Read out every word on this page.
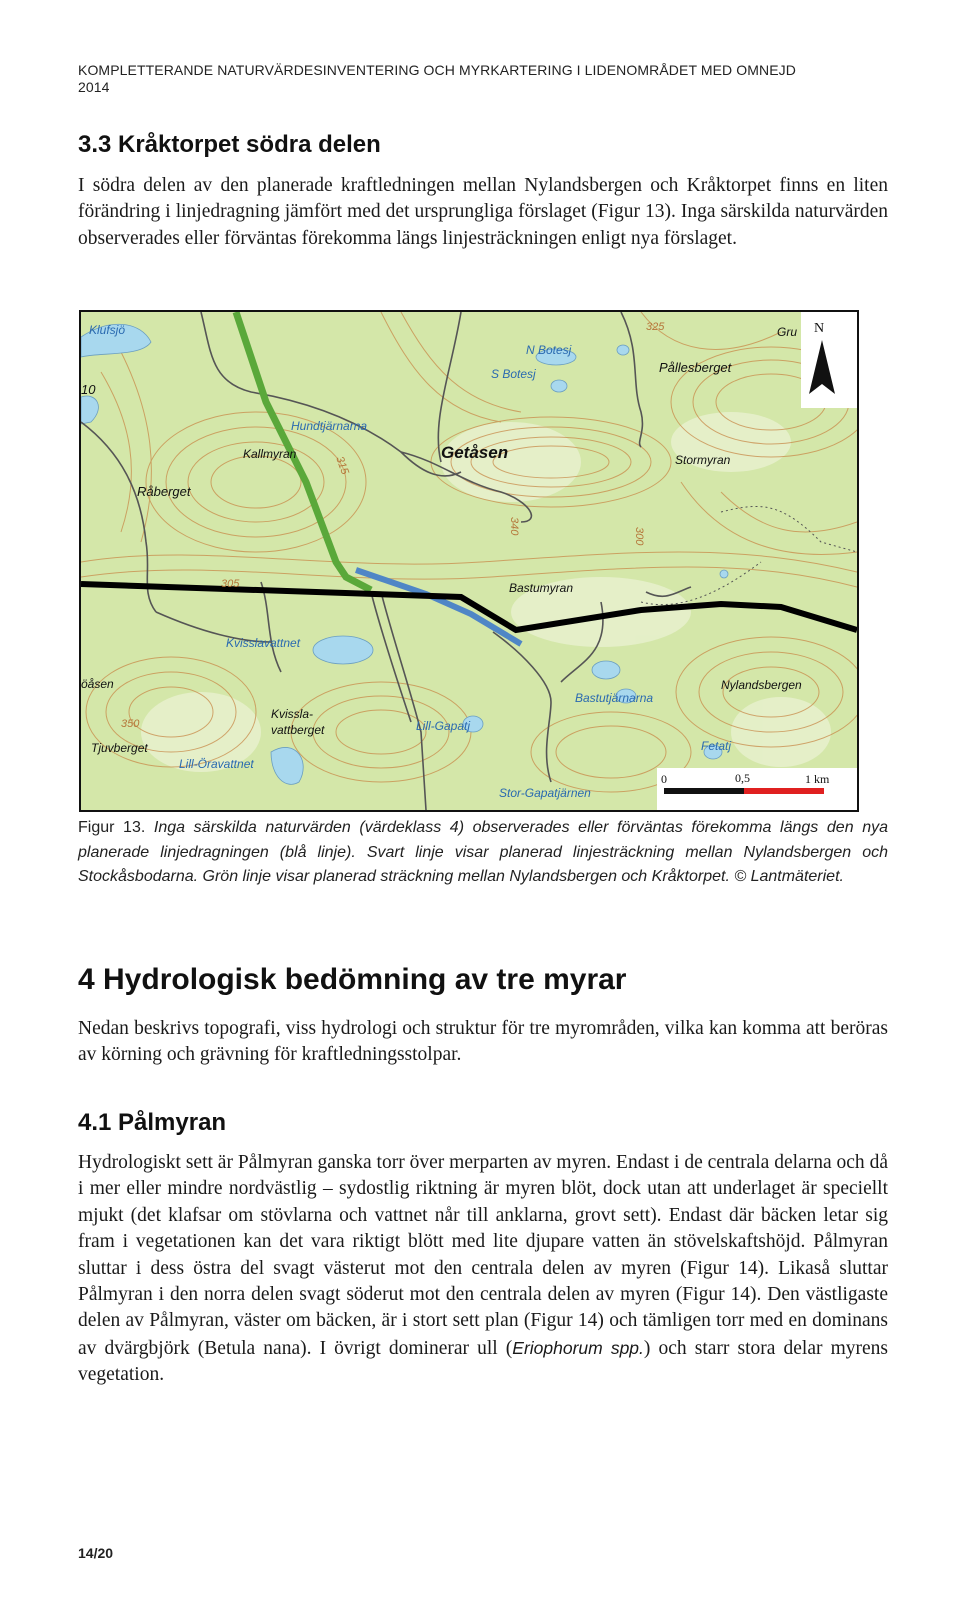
KOMPLETTERANDE NATURVÄRDESINVENTERING OCH MYRKARTERING I LIDENOMRÅDET MED OMNEJD
2014
3.3 Kråktorpet södra delen
I södra delen av den planerade kraftledningen mellan Nylandsbergen och Kråktorpet finns en liten förändring i linjedragning jämfört med det ursprungliga förslaget (Figur 13). Inga särskilda naturvärden observerades eller förväntas förekomma längs linjesträckningen enligt nya förslaget.
Klufsjö
N Botesj
S Botesj	Pållesberget
Gru
10
Hundtjärnarna
Kallmyran	Getåsen	Stormyran
Råberget
Bastumyran
Kvisslavattnet
öåsen	Nylandsbergen
Bastutjärnarna
Kvissla-
vattberget	Lill-Gapatj
Tjuvberget
Lill-Öravattnet
Stor-Gapatjärnen
Fetatj
340
300
305
315
350
325	N
0	0,5	1 km
Figur 13. Inga särskilda naturvärden (värdeklass 4) observerades eller förväntas förekomma längs den nya planerade linjedragningen (blå linje). Svart linje visar planerad linjesträckning mellan Nylandsbergen och Stockåsbodarna. Grön linje visar planerad sträckning mellan Nylandsbergen och Kråktorpet. © Lantmäteriet.
4 Hydrologisk bedömning av tre myrar
Nedan beskrivs topografi, viss hydrologi och struktur för tre myrområden, vilka kan komma att beröras av körning och grävning för kraftledningsstolpar.
4.1 Pålmyran
Hydrologiskt sett är Pålmyran ganska torr över merparten av myren. Endast i de centrala delarna och då i mer eller mindre nordvästlig – sydostlig riktning är myren blöt, dock utan att underlaget är speciellt mjukt (det klafsar om stövlarna och vattnet når till anklarna, grovt sett). Endast där bäcken letar sig fram i vegetationen kan det vara riktigt blött med lite djupare vatten än stövelskaftshöjd. Pålmyran sluttar i dess östra del svagt västerut mot den centrala delen av myren (Figur 14). Likaså sluttar Pålmyran i den norra delen svagt söderut mot den centrala delen av myren (Figur 14). Den västligaste delen av Pålmyran, väster om bäcken, är i stort sett plan (Figur 14) och tämligen torr med en dominans av dvärgbjörk (Betula nana). I övrigt dominerar ull (Eriophorum spp.) och starr stora delar myrens vegetation.
14/20
